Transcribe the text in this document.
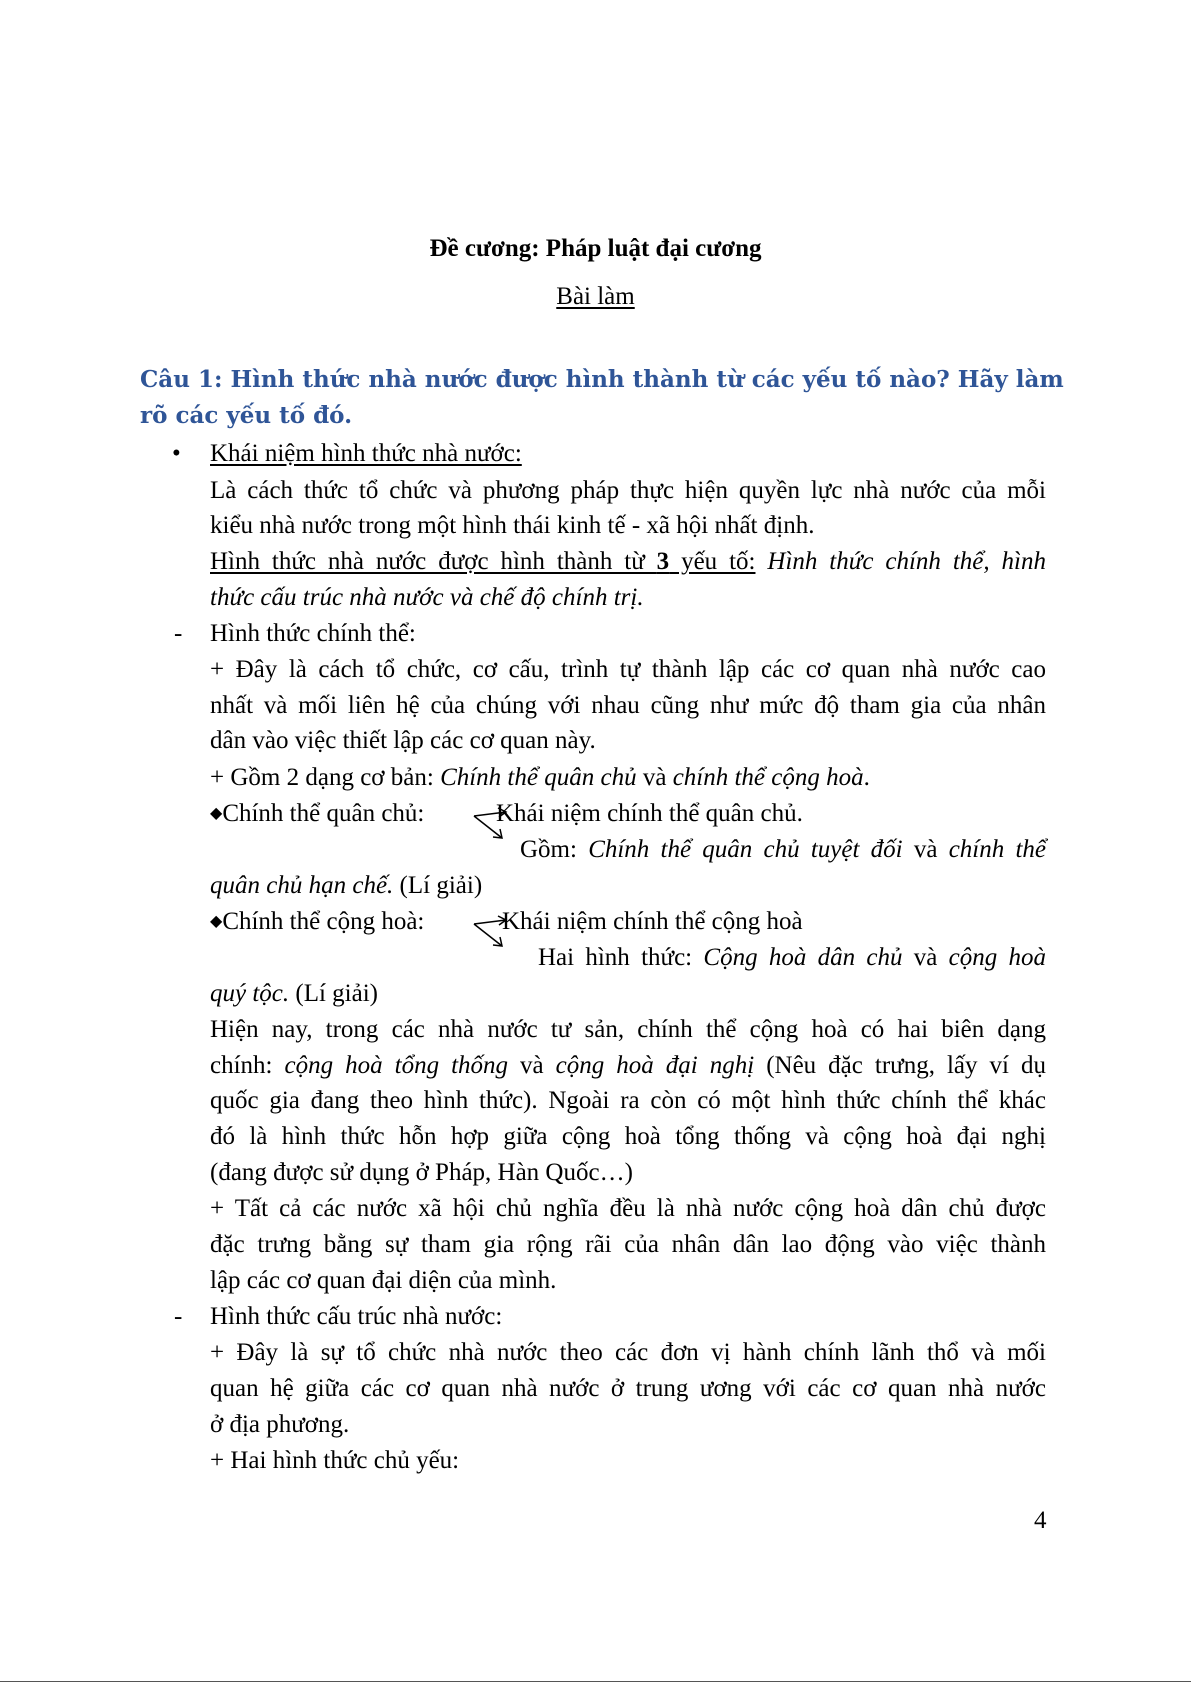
Đề cương: Pháp luật đại cương

Bài làm

Câu 1: Hình thức nhà nước được hình thành từ các yếu tố nào? Hãy làm

rõ các yếu tố đó.

• Khái niệm hình thức nhà nước:

Là cách thức tổ chức và phương pháp thực hiện quyền lực nhà nước của mỗi

kiểu nhà nước trong một hình thái kinh tế - xã hội nhất định.

Hình thức nhà nước được hình thành từ 3 yếu tố: Hình thức chính thể, hình

thức cấu trúc nhà nước và chế độ chính trị.

- Hình thức chính thể:

+ Đây là cách tổ chức, cơ cấu, trình tự thành lập các cơ quan nhà nước cao

nhất và mối liên hệ của chúng với nhau cũng như mức độ tham gia của nhân

dân vào việc thiết lập các cơ quan này.

+ Gồm 2 dạng cơ bản: Chính thể quân chủ và chính thể cộng hoà.

◆Chính thể quân chủ:	Khái niệm chính thể quân chủ.

Gồm: Chính thể quân chủ tuyệt đối và chính thể

quân chủ hạn chế. (Lí giải)

◆Chính thể cộng hoà:	Khái niệm chính thể cộng hoà

Hai hình thức: Cộng hoà dân chủ và cộng hoà

quý tộc. (Lí giải)

Hiện nay, trong các nhà nước tư sản, chính thể cộng hoà có hai biên dạng

chính: cộng hoà tổng thống và cộng hoà đại nghị (Nêu đặc trưng, lấy ví dụ

quốc gia đang theo hình thức). Ngoài ra còn có một hình thức chính thể khác

đó là hình thức hỗn hợp giữa cộng hoà tổng thống và cộng hoà đại nghị

(đang được sử dụng ở Pháp, Hàn Quốc…)

+ Tất cả các nước xã hội chủ nghĩa đều là nhà nước cộng hoà dân chủ được

đặc trưng bằng sự tham gia rộng rãi của nhân dân lao động vào việc thành

lập các cơ quan đại diện của mình.

- Hình thức cấu trúc nhà nước:

+ Đây là sự tổ chức nhà nước theo các đơn vị hành chính lãnh thổ và mối

quan hệ giữa các cơ quan nhà nước ở trung ương với các cơ quan nhà nước

ở địa phương.

+ Hai hình thức chủ yếu:

4
